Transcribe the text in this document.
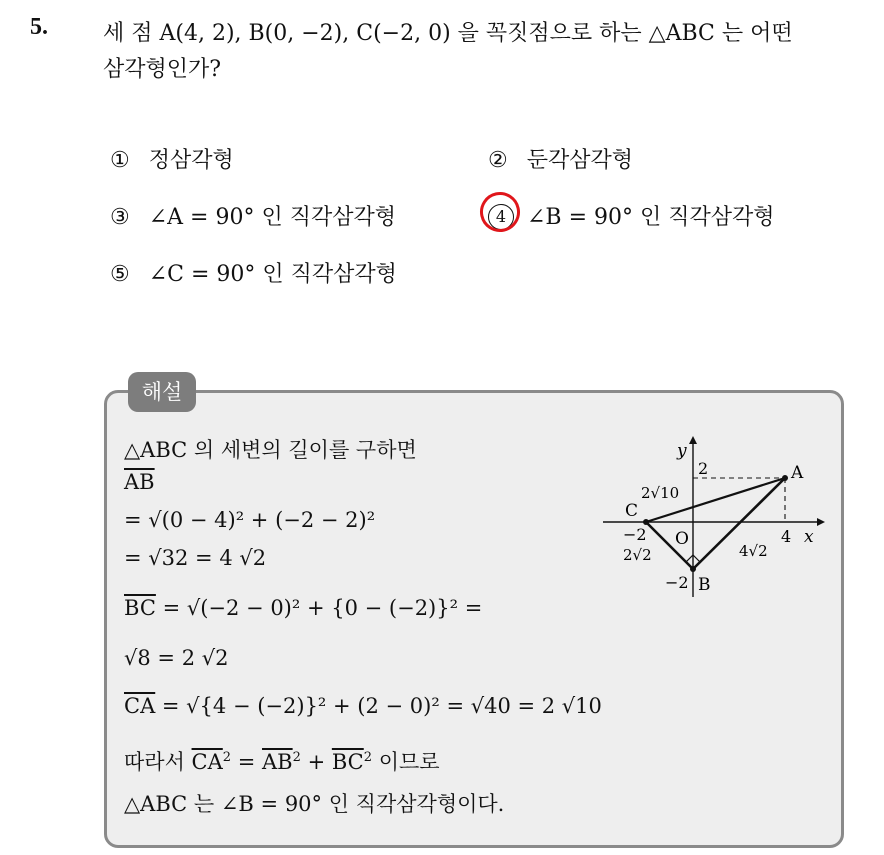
5.	세 점 A(4, 2), B(0, −2), C(−2, 0) 을 꼭짓점으로 하는 △ABC 는 어떤
삼각형인가?
① 정삼각형	② 둔각삼각형
③ ∠A = 90° 인 직각삼각형	4 ∠B = 90° 인 직각삼각형
⑤ ∠C = 90° 인 직각삼각형
해설
△ABC 의 세변의 길이를 구하면
$\overline{AB}$
= √(0 − 4)² + (−2 − 2)²
= √32 = 4 √2
$\overline{BC} = √(-2 - 0)^2 + \{0 - (-2)\}^2$ =
√8 = 2 √2
$\overline{CA} = √\{4 - (-2)\}^2 + (2 - 0)^2 = √40 = 2$ √10
따라서 $\overline{CA}^2 = \overline{AB}^2 + \overline{BC}^2$ 이므로
△ABC 는 ∠B = 90° 인 직각삼각형이다.
y
x
O
A
B
C
2
4
−2
−2
2√10
2√2	4√2
